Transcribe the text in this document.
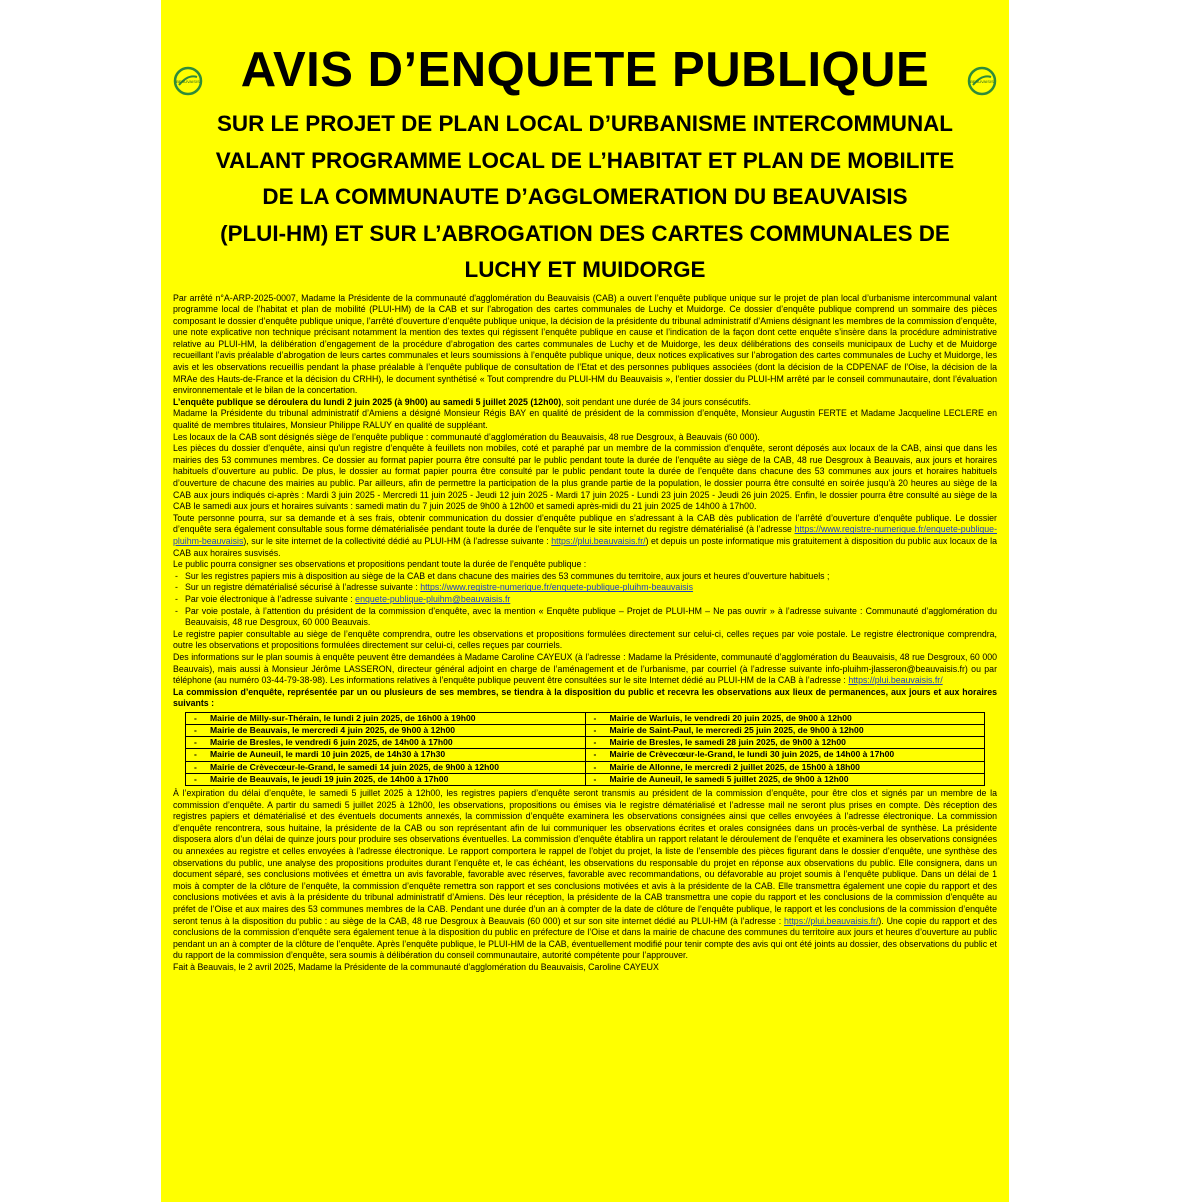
BEAUVAISIS	BEAUVAISIS
AVIS D’ENQUETE PUBLIQUE
SUR LE PROJET DE PLAN LOCAL D’URBANISME INTERCOMMUNAL
VALANT PROGRAMME LOCAL DE L’HABITAT ET PLAN DE MOBILITE
DE LA COMMUNAUTE D’AGGLOMERATION DU BEAUVAISIS
(PLUI-HM) ET SUR L’ABROGATION DES CARTES COMMUNALES DE
LUCHY ET MUIDORGE

Par arrêté n°A-ARP-2025-0007, Madame la Présidente de la communauté d'agglomération du Beauvaisis (CAB) a ouvert l’enquête publique unique sur le projet de plan local d’urbanisme intercommunal valant programme local de l’habitat et plan de mobilité (PLUI-HM) de la CAB et sur l’abrogation des cartes communales de Luchy et Muidorge. Ce dossier d’enquête publique comprend un sommaire des pièces composant le dossier d’enquête publique unique, l’arrêté d’ouverture d’enquête publique unique, la décision de la présidente du tribunal administratif d’Amiens désignant les membres de la commission d’enquête, une note explicative non technique précisant notamment la mention des textes qui régissent l’enquête publique en cause et l’indication de la façon dont cette enquête s’insère dans la procédure administrative relative au PLUI-HM, la délibération d’engagement de la procédure d’abrogation des cartes communales de Luchy et de Muidorge, les deux délibérations des conseils municipaux de Luchy et de Muidorge recueillant l’avis préalable d’abrogation de leurs cartes communales et leurs soumissions à l’enquête publique unique, deux notices explicatives sur l’abrogation des cartes communales de Luchy et Muidorge, les avis et les observations recueillis pendant la phase préalable à l’enquête publique de consultation de l’Etat et des personnes publiques associées (dont la décision de la CDPENAF de l’Oise, la décision de la MRAe des Hauts-de-France et la décision du CRHH), le document synthétisé « Tout comprendre du PLUI-HM du Beauvaisis », l’entier dossier du PLUI-HM arrêté par le conseil communautaire, dont l’évaluation environnementale et le bilan de la concertation.

L’enquête publique se déroulera du lundi 2 juin 2025 (à 9h00) au samedi 5 juillet 2025 (12h00), soit pendant une durée de 34 jours consécutifs.

Madame la Présidente du tribunal administratif d’Amiens a désigné Monsieur Régis BAY en qualité de président de la commission d’enquête, Monsieur Augustin FERTE et Madame Jacqueline LECLERE en qualité de membres titulaires, Monsieur Philippe RALUY en qualité de suppléant.

Les locaux de la CAB sont désignés siège de l’enquête publique : communauté d’agglomération du Beauvaisis, 48 rue Desgroux, à Beauvais (60 000).

Les pièces du dossier d’enquête, ainsi qu'un registre d’enquête à feuillets non mobiles, coté et paraphé par un membre de la commission d’enquête, seront déposés aux locaux de la CAB, ainsi que dans les mairies des 53 communes membres. Ce dossier au format papier pourra être consulté par le public pendant toute la durée de l’enquête au siège de la CAB, 48 rue Desgroux à Beauvais, aux jours et horaires habituels d’ouverture au public. De plus, le dossier au format papier pourra être consulté par le public pendant toute la durée de l’enquête dans chacune des 53 communes aux jours et horaires habituels d’ouverture de chacune des mairies au public. Par ailleurs, afin de permettre la participation de la plus grande partie de la population, le dossier pourra être consulté en soirée jusqu’à 20 heures au siège de la CAB aux jours indiqués ci-après : Mardi 3 juin 2025 - Mercredi 11 juin 2025 - Jeudi 12 juin 2025 - Mardi 17 juin 2025 - Lundi 23 juin 2025 - Jeudi 26 juin 2025. Enfin, le dossier pourra être consulté au siège de la CAB le samedi aux jours et horaires suivants : samedi matin du 7 juin 2025 de 9h00 à 12h00 et samedi après-midi du 21 juin 2025 de 14h00 à 17h00.

Toute personne pourra, sur sa demande et à ses frais, obtenir communication du dossier d’enquête publique en s’adressant à la CAB dès publication de l’arrêté d’ouverture d’enquête publique. Le dossier d’enquête sera également consultable sous forme dématérialisée pendant toute la durée de l’enquête sur le site internet du registre dématérialisé (à l’adresse https://www.registre-numerique.fr/enquete-publique-pluihm-beauvaisis), sur le site internet de la collectivité dédié au PLUI-HM (à l’adresse suivante : https://plui.beauvaisis.fr/) et depuis un poste informatique mis gratuitement à disposition du public aux locaux de la CAB aux horaires susvisés.

Le public pourra consigner ses observations et propositions pendant toute la durée de l’enquête publique :

- Sur les registres papiers mis à disposition au siège de la CAB et dans chacune des mairies des 53 communes du territoire, aux jours et heures d’ouverture habituels ;
- Sur un registre dématérialisé sécurisé à l’adresse suivante : https://www.registre-numerique.fr/enquete-publique-pluihm-beauvaisis
- Par voie électronique à l’adresse suivante : enquete-publique-pluihm@beauvaisis.fr
- Par voie postale, à l’attention du président de la commission d’enquête, avec la mention « Enquête publique – Projet de PLUI-HM – Ne pas ouvrir » à l’adresse suivante : Communauté d’agglomération du Beauvaisis, 48 rue Desgroux, 60 000 Beauvais.

Le registre papier consultable au siège de l’enquête comprendra, outre les observations et propositions formulées directement sur celui-ci, celles reçues par voie postale. Le registre électronique comprendra, outre les observations et propositions formulées directement sur celui-ci, celles reçues par courriels.

Des informations sur le plan soumis à enquête peuvent être demandées à Madame Caroline CAYEUX (à l’adresse : Madame la Présidente, communauté d’agglomération du Beauvaisis, 48 rue Desgroux, 60 000 Beauvais), mais aussi à Monsieur Jérôme LASSERON, directeur général adjoint en charge de l’aménagement et de l’urbanisme, par courriel (à l’adresse suivante info-pluihm-jlasseron@beauvaisis.fr) ou par téléphone (au numéro 03-44-79-38-98). Les informations relatives à l’enquête publique peuvent être consultées sur le site Internet dédié au PLUI-HM de la CAB à l’adresse : https://plui.beauvaisis.fr/

La commission d’enquête, représentée par un ou plusieurs de ses membres, se tiendra à la disposition du public et recevra les observations aux lieux de permanences, aux jours et aux horaires suivants :

- Mairie de Milly-sur-Thérain, le lundi 2 juin 2025, de 16h00 à 19h00	- Mairie de Warluis, le vendredi 20 juin 2025, de 9h00 à 12h00
- Mairie de Beauvais, le mercredi 4 juin 2025, de 9h00 à 12h00	- Mairie de Saint-Paul, le mercredi 25 juin 2025, de 9h00 à 12h00
- Mairie de Bresles, le vendredi 6 juin 2025, de 14h00 à 17h00	- Mairie de Bresles, le samedi 28 juin 2025, de 9h00 à 12h00
- Mairie de Auneuil, le mardi 10 juin 2025, de 14h30 à 17h30	- Mairie de Crèvecœur-le-Grand, le lundi 30 juin 2025, de 14h00 à 17h00
- Mairie de Crèvecœur-le-Grand, le samedi 14 juin 2025, de 9h00 à 12h00	- Mairie de Allonne, le mercredi 2 juillet 2025, de 15h00 à 18h00
- Mairie de Beauvais, le jeudi 19 juin 2025, de 14h00 à 17h00	- Mairie de Auneuil, le samedi 5 juillet 2025, de 9h00 à 12h00

À l’expiration du délai d’enquête, le samedi 5 juillet 2025 à 12h00, les registres papiers d’enquête seront transmis au président de la commission d’enquête, pour être clos et signés par un membre de la commission d’enquête. A partir du samedi 5 juillet 2025 à 12h00, les observations, propositions ou émises via le registre dématérialisé et l’adresse mail ne seront plus prises en compte. Dès réception des registres papiers et dématérialisé et des éventuels documents annexés, la commission d’enquête examinera les observations consignées ainsi que celles envoyées à l’adresse électronique. La commission d’enquête rencontrera, sous huitaine, la présidente de la CAB ou son représentant afin de lui communiquer les observations écrites et orales consignées dans un procès-verbal de synthèse. La présidente disposera alors d’un délai de quinze jours pour produire ses observations éventuelles. La commission d’enquête établira un rapport relatant le déroulement de l’enquête et examinera les observations consignées ou annexées au registre et celles envoyées à l’adresse électronique. Le rapport comportera le rappel de l’objet du projet, la liste de l’ensemble des pièces figurant dans le dossier d’enquête, une synthèse des observations du public, une analyse des propositions produites durant l’enquête et, le cas échéant, les observations du responsable du projet en réponse aux observations du public. Elle consignera, dans un document séparé, ses conclusions motivées et émettra un avis favorable, favorable avec réserves, favorable avec recommandations, ou défavorable au projet soumis à l’enquête publique. Dans un délai de 1 mois à compter de la clôture de l’enquête, la commission d’enquête remettra son rapport et ses conclusions motivées et avis à la présidente de la CAB. Elle transmettra également une copie du rapport et des conclusions motivées et avis à la présidente du tribunal administratif d’Amiens. Dès leur réception, la présidente de la CAB transmettra une copie du rapport et les conclusions de la commission d’enquête au préfet de l’Oise et aux maires des 53 communes membres de la CAB. Pendant une durée d’un an à compter de la date de clôture de l’enquête publique, le rapport et les conclusions de la commission d’enquête seront tenus à la disposition du public : au siège de la CAB, 48 rue Desgroux à Beauvais (60 000) et sur son site internet dédié au PLUI-HM (à l’adresse : https://plui.beauvaisis.fr/). Une copie du rapport et des conclusions de la commission d’enquête sera également tenue à la disposition du public en préfecture de l’Oise et dans la mairie de chacune des communes du territoire aux jours et heures d’ouverture au public pendant un an à compter de la clôture de l’enquête. Après l’enquête publique, le PLUI-HM de la CAB, éventuellement modifié pour tenir compte des avis qui ont été joints au dossier, des observations du public et du rapport de la commission d’enquête, sera soumis à délibération du conseil communautaire, autorité compétente pour l’approuver.

Fait à Beauvais, le 2 avril 2025, Madame la Présidente de la communauté d’agglomération du Beauvaisis, Caroline CAYEUX
